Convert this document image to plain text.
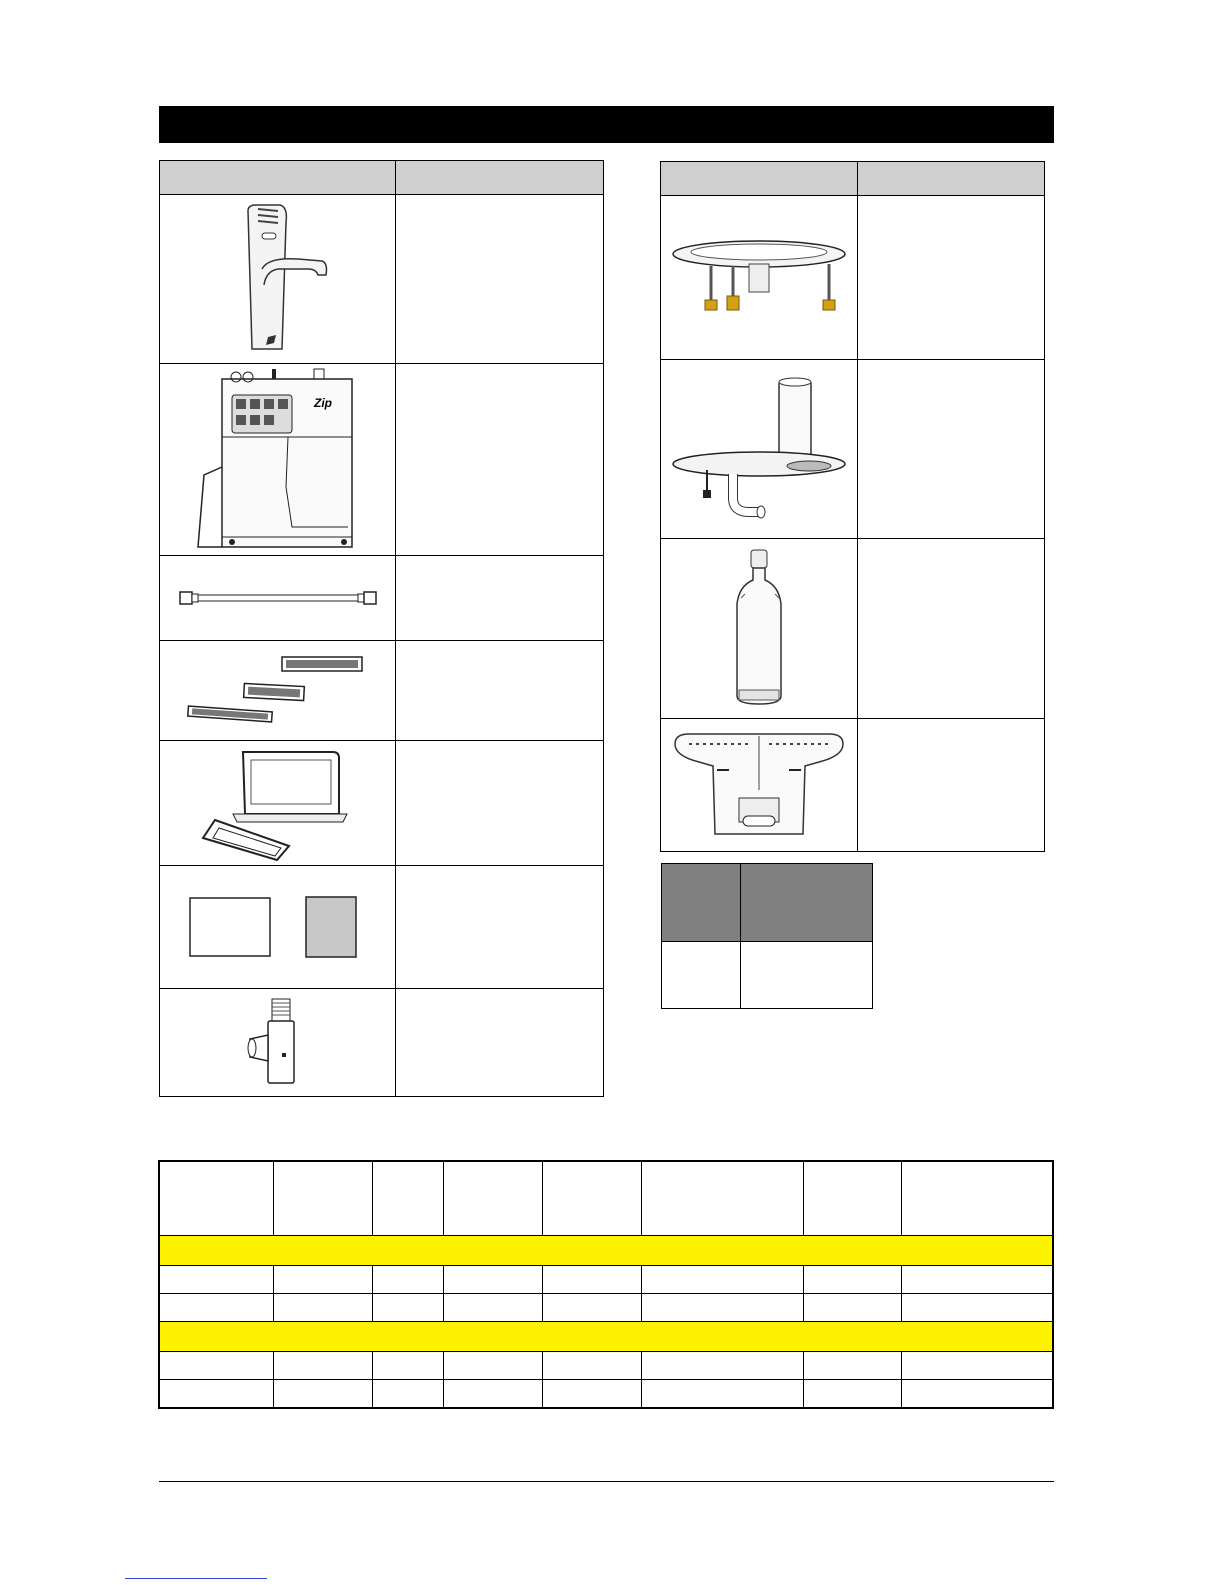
Zip	
